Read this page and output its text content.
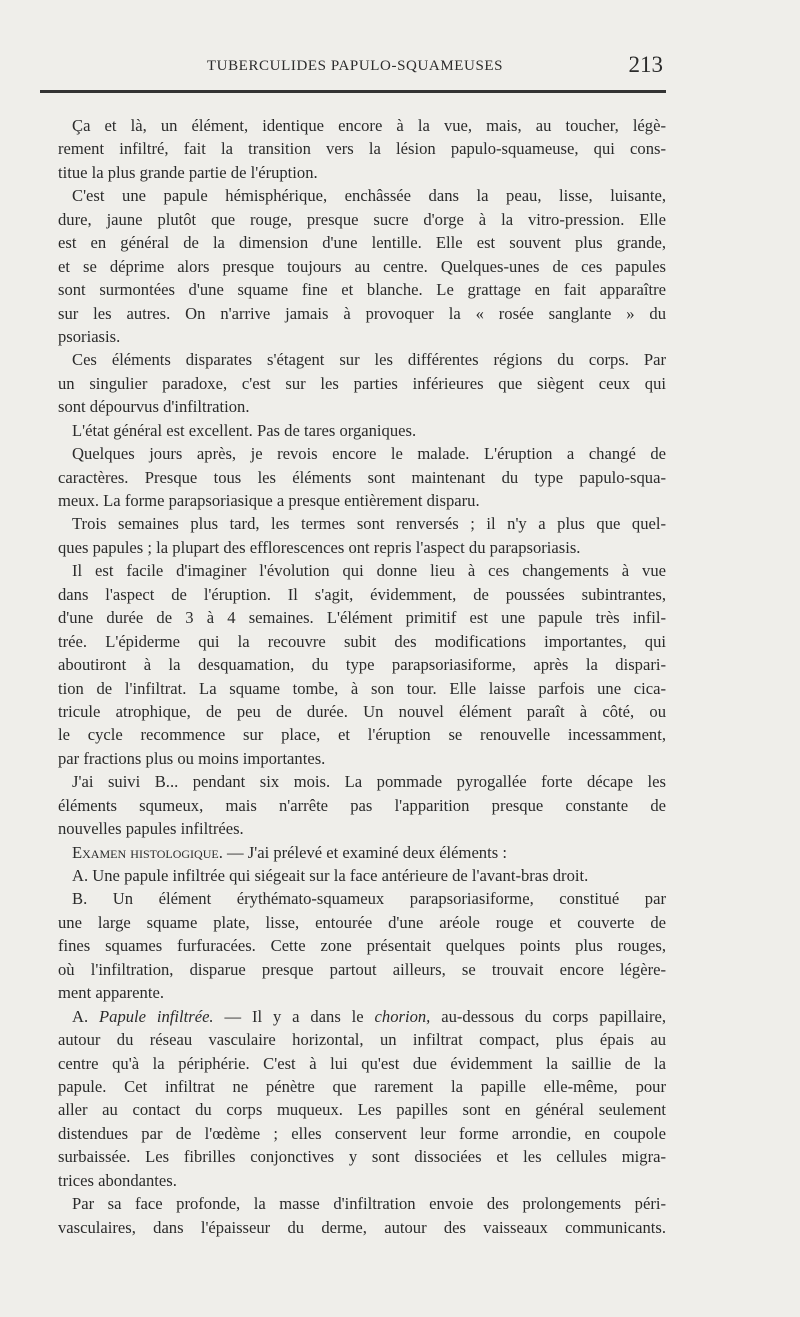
TUBERCULIDES PAPULO-SQUAMEUSES	213
Ça et là, un élément, identique encore à la vue, mais, au toucher, légè-
rement infiltré, fait la transition vers la lésion papulo-squameuse, qui cons-
titue la plus grande partie de l'éruption.
C'est une papule hémisphérique, enchâssée dans la peau, lisse, luisante,
dure, jaune plutôt que rouge, presque sucre d'orge à la vitro-pression. Elle
est en général de la dimension d'une lentille. Elle est souvent plus grande,
et se déprime alors presque toujours au centre. Quelques-unes de ces papules
sont surmontées d'une squame fine et blanche. Le grattage en fait apparaître
sur les autres. On n'arrive jamais à provoquer la « rosée sanglante » du
psoriasis.
Ces éléments disparates s'étagent sur les différentes régions du corps. Par
un singulier paradoxe, c'est sur les parties inférieures que siègent ceux qui
sont dépourvus d'infiltration.
L'état général est excellent. Pas de tares organiques.
Quelques jours après, je revois encore le malade. L'éruption a changé de
caractères. Presque tous les éléments sont maintenant du type papulo-squa-
meux. La forme parapsoriasique a presque entièrement disparu.
Trois semaines plus tard, les termes sont renversés ; il n'y a plus que quel-
ques papules ; la plupart des efflorescences ont repris l'aspect du parapsoriasis.
Il est facile d'imaginer l'évolution qui donne lieu à ces changements à vue
dans l'aspect de l'éruption. Il s'agit, évidemment, de poussées subintrantes,
d'une durée de 3 à 4 semaines. L'élément primitif est une papule très infil-
trée. L'épiderme qui la recouvre subit des modifications importantes, qui
aboutiront à la desquamation, du type parapsoriasiforme, après la dispari-
tion de l'infiltrat. La squame tombe, à son tour. Elle laisse parfois une cica-
tricule atrophique, de peu de durée. Un nouvel élément paraît à côté, ou
le cycle recommence sur place, et l'éruption se renouvelle incessamment,
par fractions plus ou moins importantes.
J'ai suivi B... pendant six mois. La pommade pyrogallée forte décape les
éléments squmeux, mais n'arrête pas l'apparition presque constante de
nouvelles papules infiltrées.
Examen histologique. — J'ai prélevé et examiné deux éléments :
A. Une papule infiltrée qui siégeait sur la face antérieure de l'avant-bras droit.
B. Un élément érythémato-squameux parapsoriasiforme, constitué par
une large squame plate, lisse, entourée d'une aréole rouge et couverte de
fines squames furfuracées. Cette zone présentait quelques points plus rouges,
où l'infiltration, disparue presque partout ailleurs, se trouvait encore légère-
ment apparente.
A. Papule infiltrée. — Il y a dans le chorion, au-dessous du corps papillaire,
autour du réseau vasculaire horizontal, un infiltrat compact, plus épais au
centre qu'à la périphérie. C'est à lui qu'est due évidemment la saillie de la
papule. Cet infiltrat ne pénètre que rarement la papille elle-même, pour
aller au contact du corps muqueux. Les papilles sont en général seulement
distendues par de l'œdème ; elles conservent leur forme arrondie, en coupole
surbaissée. Les fibrilles conjonctives y sont dissociées et les cellules migra-
trices abondantes.
Par sa face profonde, la masse d'infiltration envoie des prolongements péri-
vasculaires, dans l'épaisseur du derme, autour des vaisseaux communicants.
